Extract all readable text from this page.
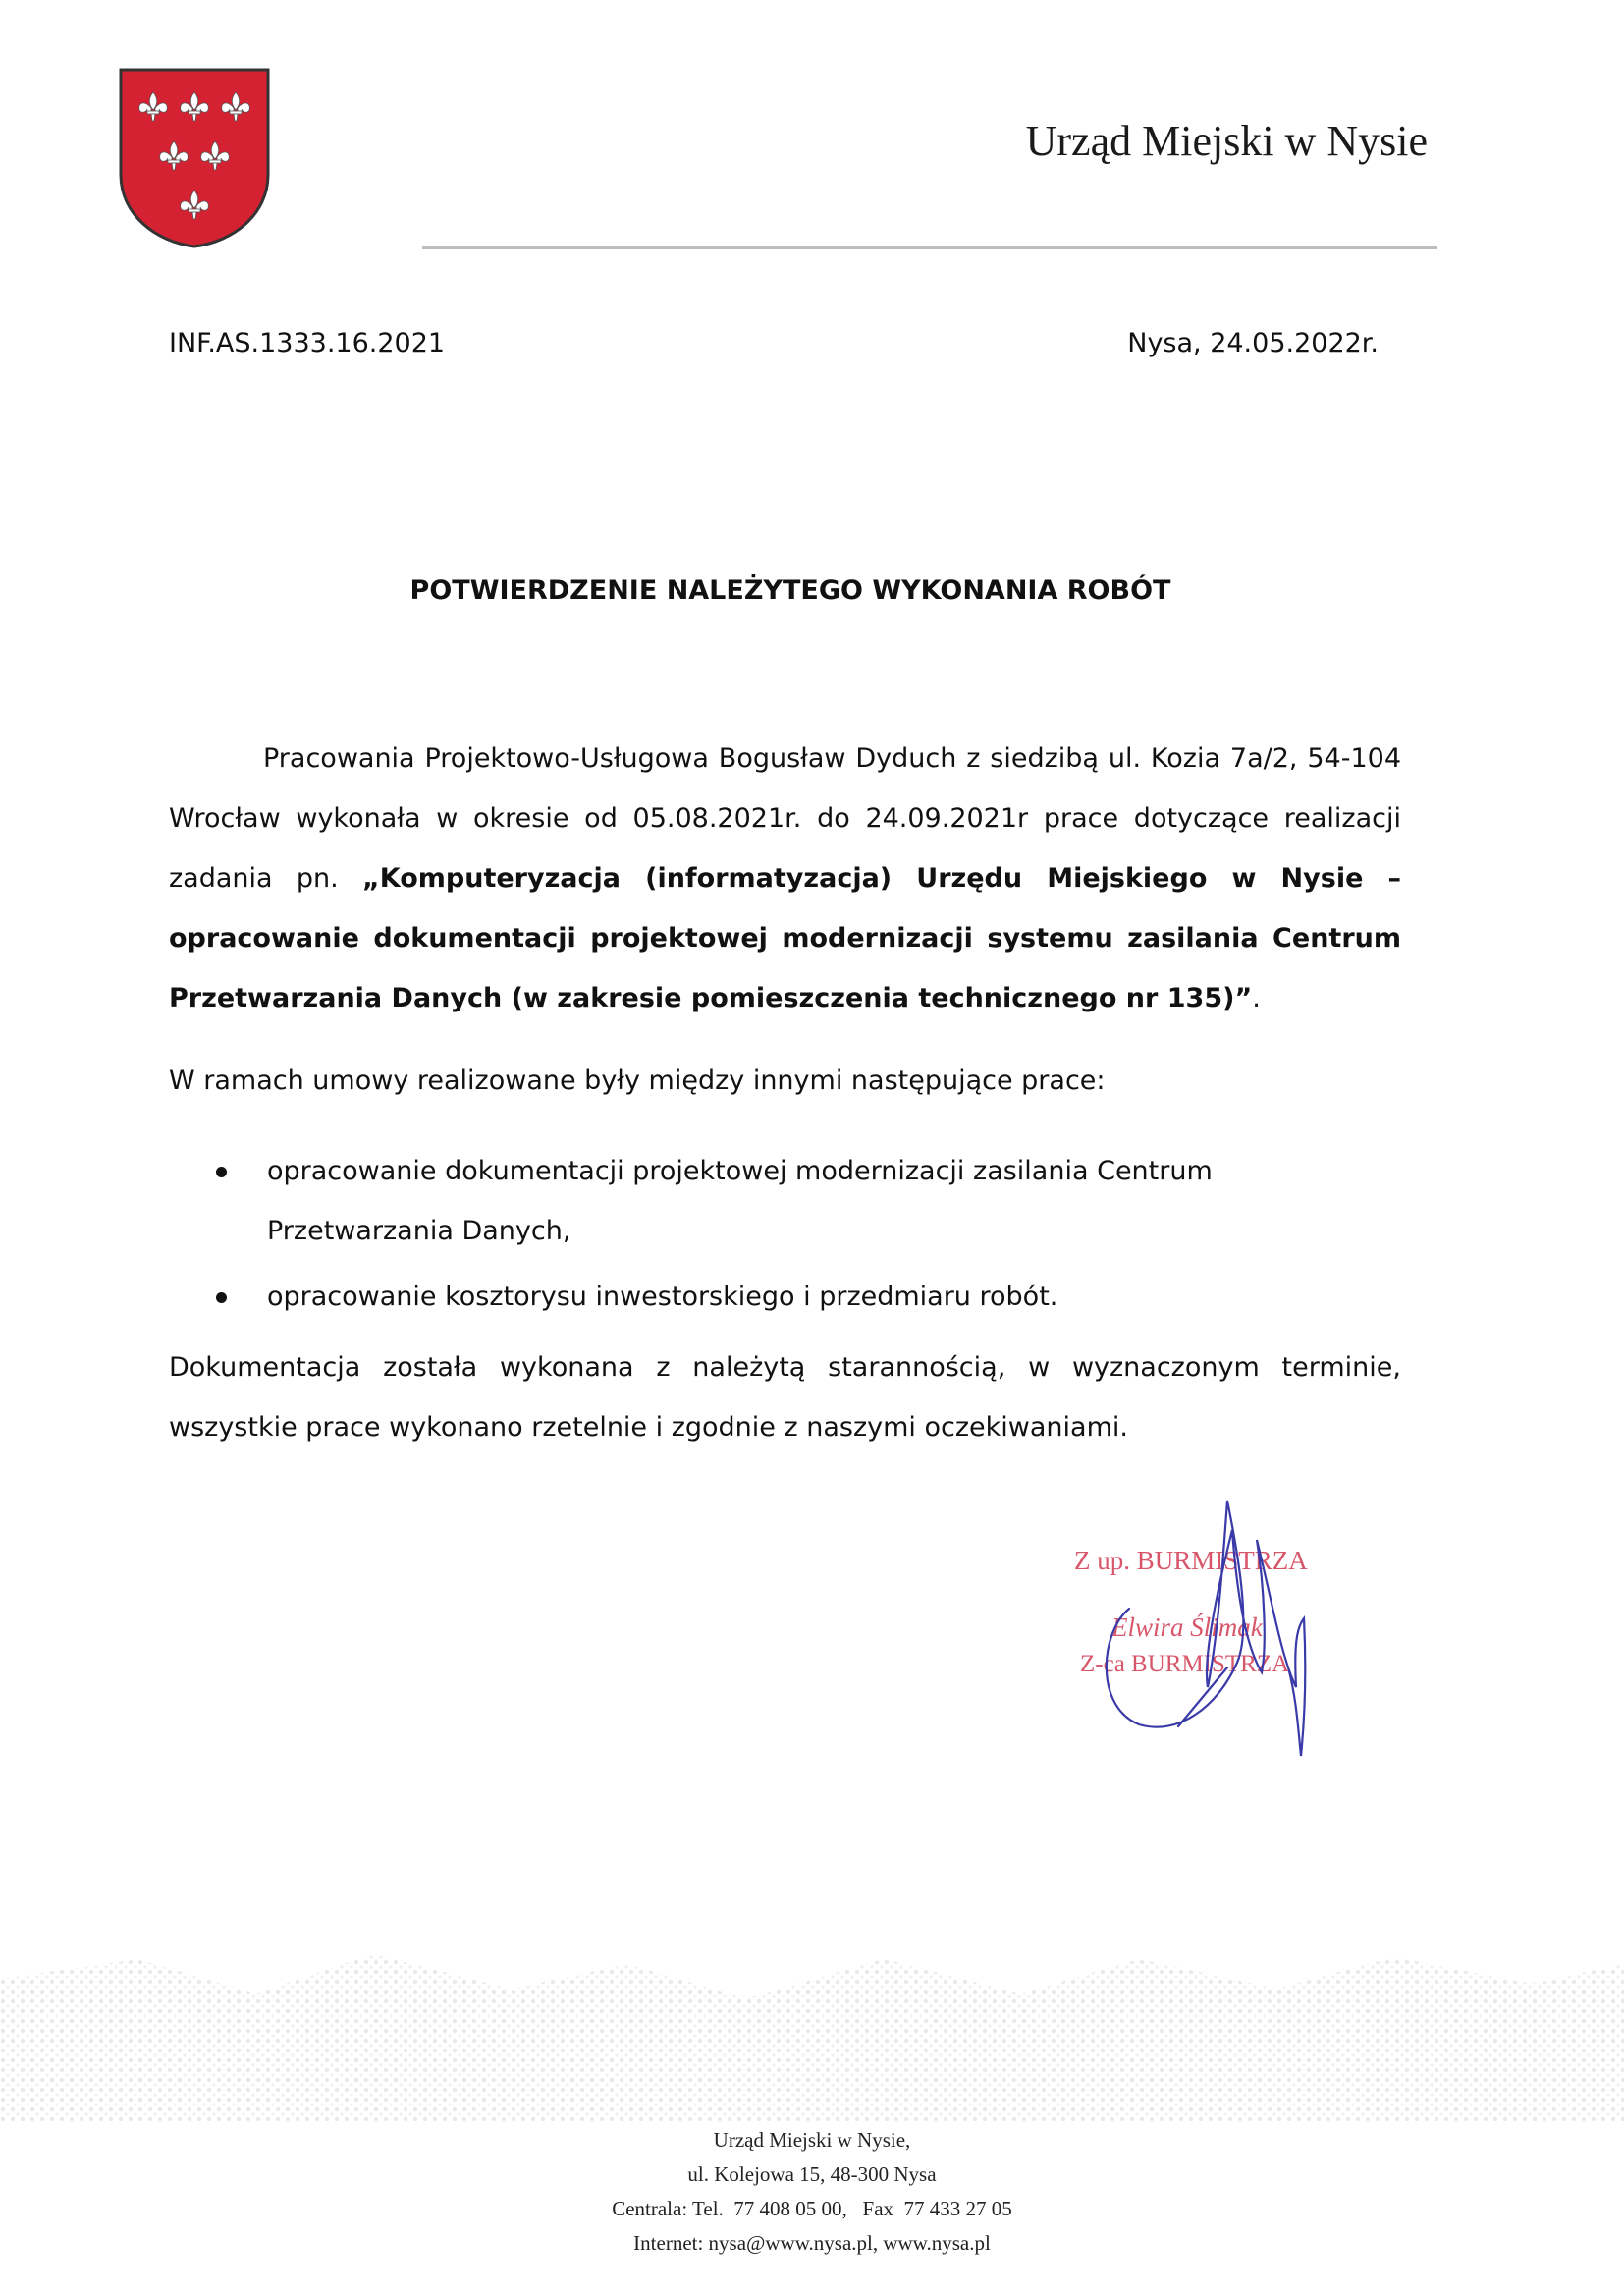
Urząd Miejski w Nysie
INF.AS.1333.16.2021	Nysa, 24.05.2022r.
POTWIERDZENIE NALEŻYTEGO WYKONANIA ROBÓT
Pracowania Projektowo-Usługowa Bogusław Dyduch z siedzibą ul. Kozia 7a/2, 54-104 Wrocław wykonała w okresie od 05.08.2021r. do 24.09.2021r prace dotyczące realizacji zadania pn. „Komputeryzacja (informatyzacja) Urzędu Miejskiego w Nysie – opracowanie dokumentacji projektowej modernizacji systemu zasilania Centrum Przetwarzania Danych (w zakresie pomieszczenia technicznego nr 135)”.
W ramach umowy realizowane były między innymi następujące prace:
opracowanie dokumentacji projektowej modernizacji zasilania Centrum Przetwarzania Danych,
opracowanie kosztorysu inwestorskiego i przedmiaru robót.
Dokumentacja została wykonana z należytą starannością, w wyznaczonym terminie, wszystkie prace wykonano rzetelnie i zgodnie z naszymi oczekiwaniami.
Z up. BURMISTRZA
Elwira Ślimak
Z-ca BURMISTRZA
Urząd Miejski w Nysie,
ul. Kolejowa 15, 48-300 Nysa
Centrala: Tel.  77 408 05 00,   Fax  77 433 27 05
Internet: nysa@www.nysa.pl, www.nysa.pl
